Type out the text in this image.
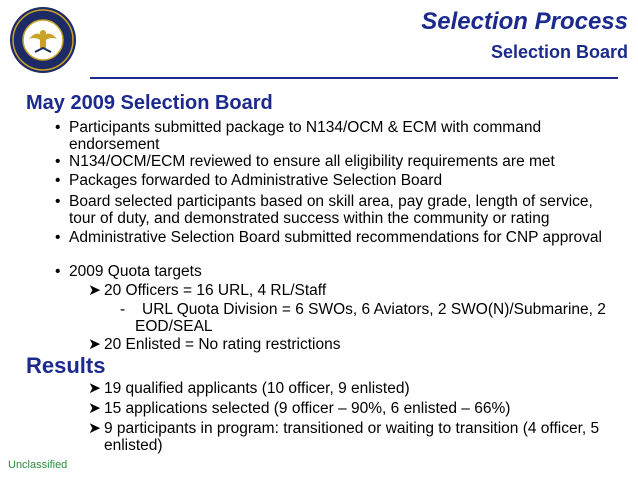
Selection Process
Selection Board
May 2009 Selection Board
• Participants submitted package to N134/OCM & ECM with command endorsement
• N134/OCM/ECM reviewed to ensure all eligibility requirements are met
• Packages forwarded to Administrative Selection Board
• Board selected participants based on skill area, pay grade, length of service, tour of duty, and demonstrated success within the community or rating
• Administrative Selection Board submitted recommendations for CNP approval
• 2009 Quota targets
➤ 20 Officers = 16 URL, 4 RL/Staff
-	URL Quota Division = 6 SWOs, 6 Aviators, 2 SWO(N)/Submarine, 2 EOD/SEAL
➤ 20 Enlisted = No rating restrictions
Results
➤ 19 qualified applicants (10 officer, 9 enlisted)
➤ 15 applications selected (9 officer – 90%, 6 enlisted – 66%)
➤ 9 participants in program: transitioned or waiting to transition (4 officer, 5 enlisted)
Unclassified
